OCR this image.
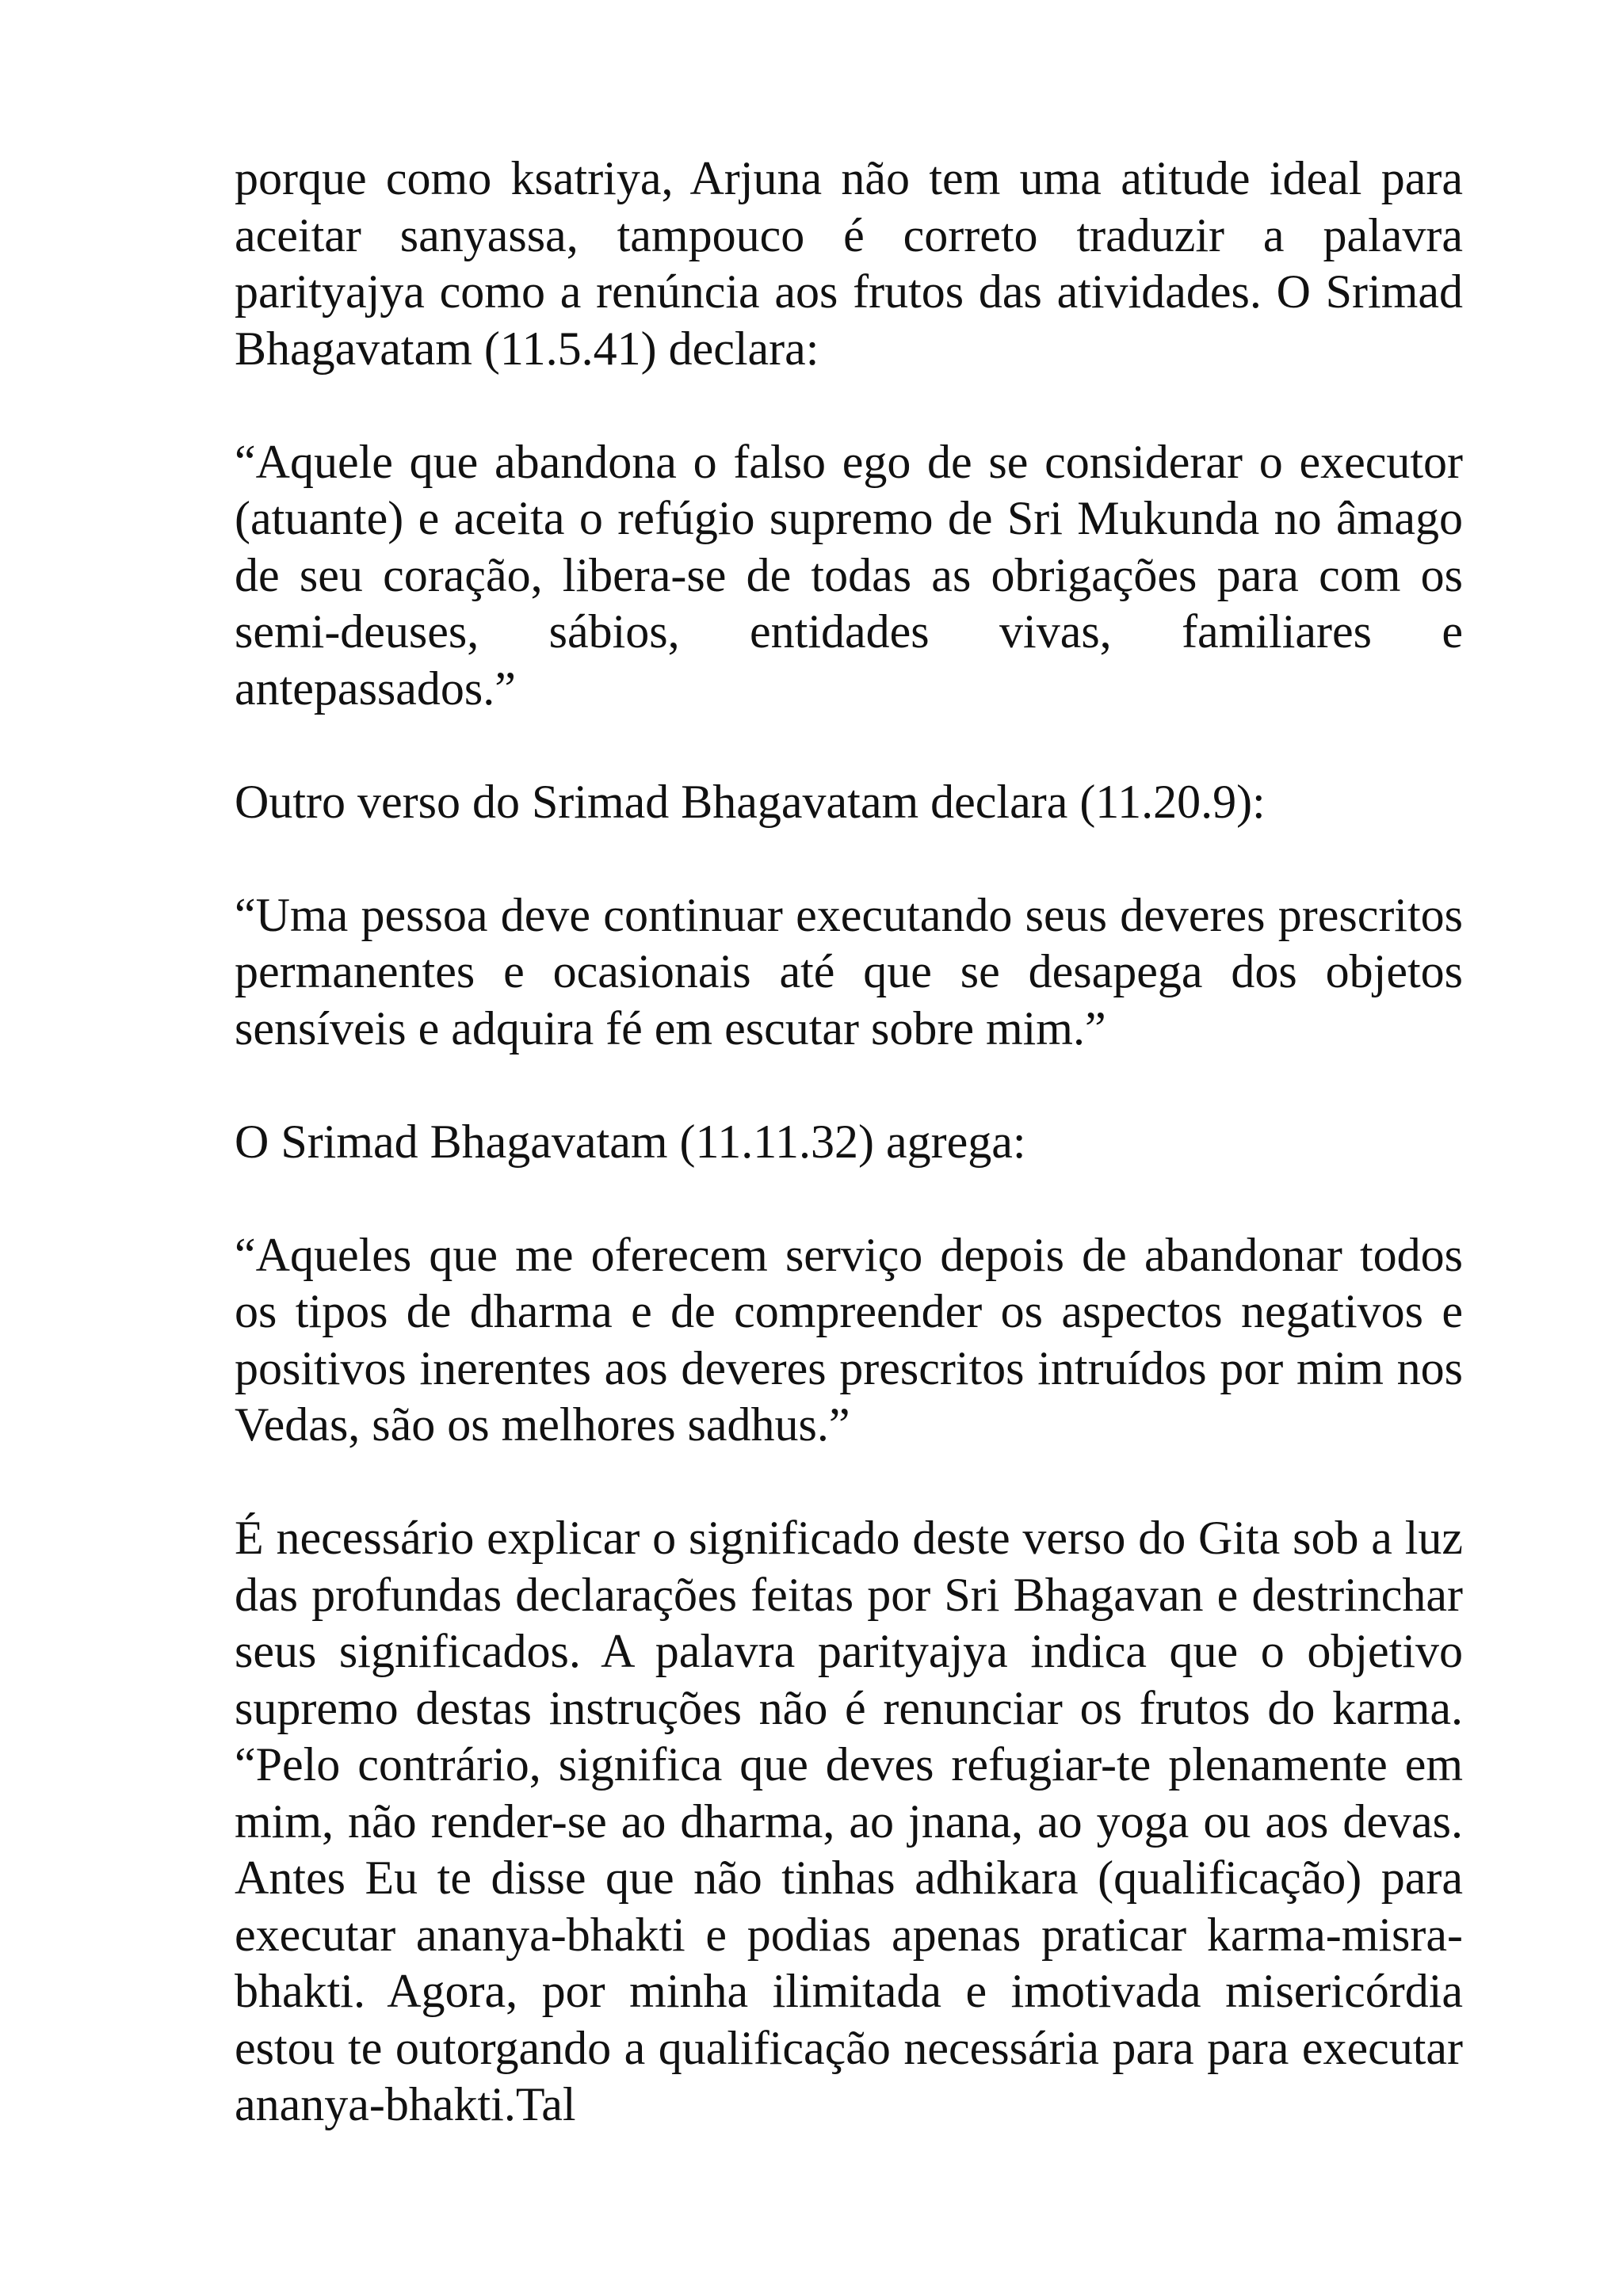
porque como ksatriya, Arjuna não tem uma atitude ideal para aceitar sanyassa, tampouco é correto traduzir a palavra parityajya como a renúncia aos frutos das atividades. O Srimad Bhagavatam (11.5.41) declara:

“Aquele que abandona o falso ego de se considerar o executor (atuante) e aceita o refúgio supremo de Sri Mukunda no âmago de seu coração, libera-se de todas as obrigações para com os semi-deuses, sábios, entidades vivas, familiares e antepassados.”

Outro verso do Srimad Bhagavatam declara (11.20.9):

“Uma pessoa deve continuar executando seus deveres prescritos permanentes e ocasionais até que se desapega dos objetos sensíveis e adquira fé em escutar sobre mim.”

O Srimad Bhagavatam (11.11.32) agrega:

“Aqueles que me oferecem serviço depois de abandonar todos os tipos de dharma e de compreender os aspectos negativos e positivos inerentes aos deveres prescritos intruídos por mim nos Vedas, são os melhores sadhus.”

É necessário explicar o significado deste verso do Gita sob a luz das profundas declarações feitas por Sri Bhagavan e destrinchar seus significados. A palavra parityajya indica que o objetivo supremo destas instruções não é renunciar os frutos do karma. “Pelo contrário, significa que deves refugiar-te plenamente em mim, não render-se ao dharma, ao jnana, ao yoga ou aos devas. Antes Eu te disse que não tinhas adhikara (qualificação) para executar ananya-bhakti e podias apenas praticar karma-misra-bhakti. Agora, por minha ilimitada e imotivada misericórdia estou te outorgando a qualificação necessária para para executar ananya-bhakti.Tal
